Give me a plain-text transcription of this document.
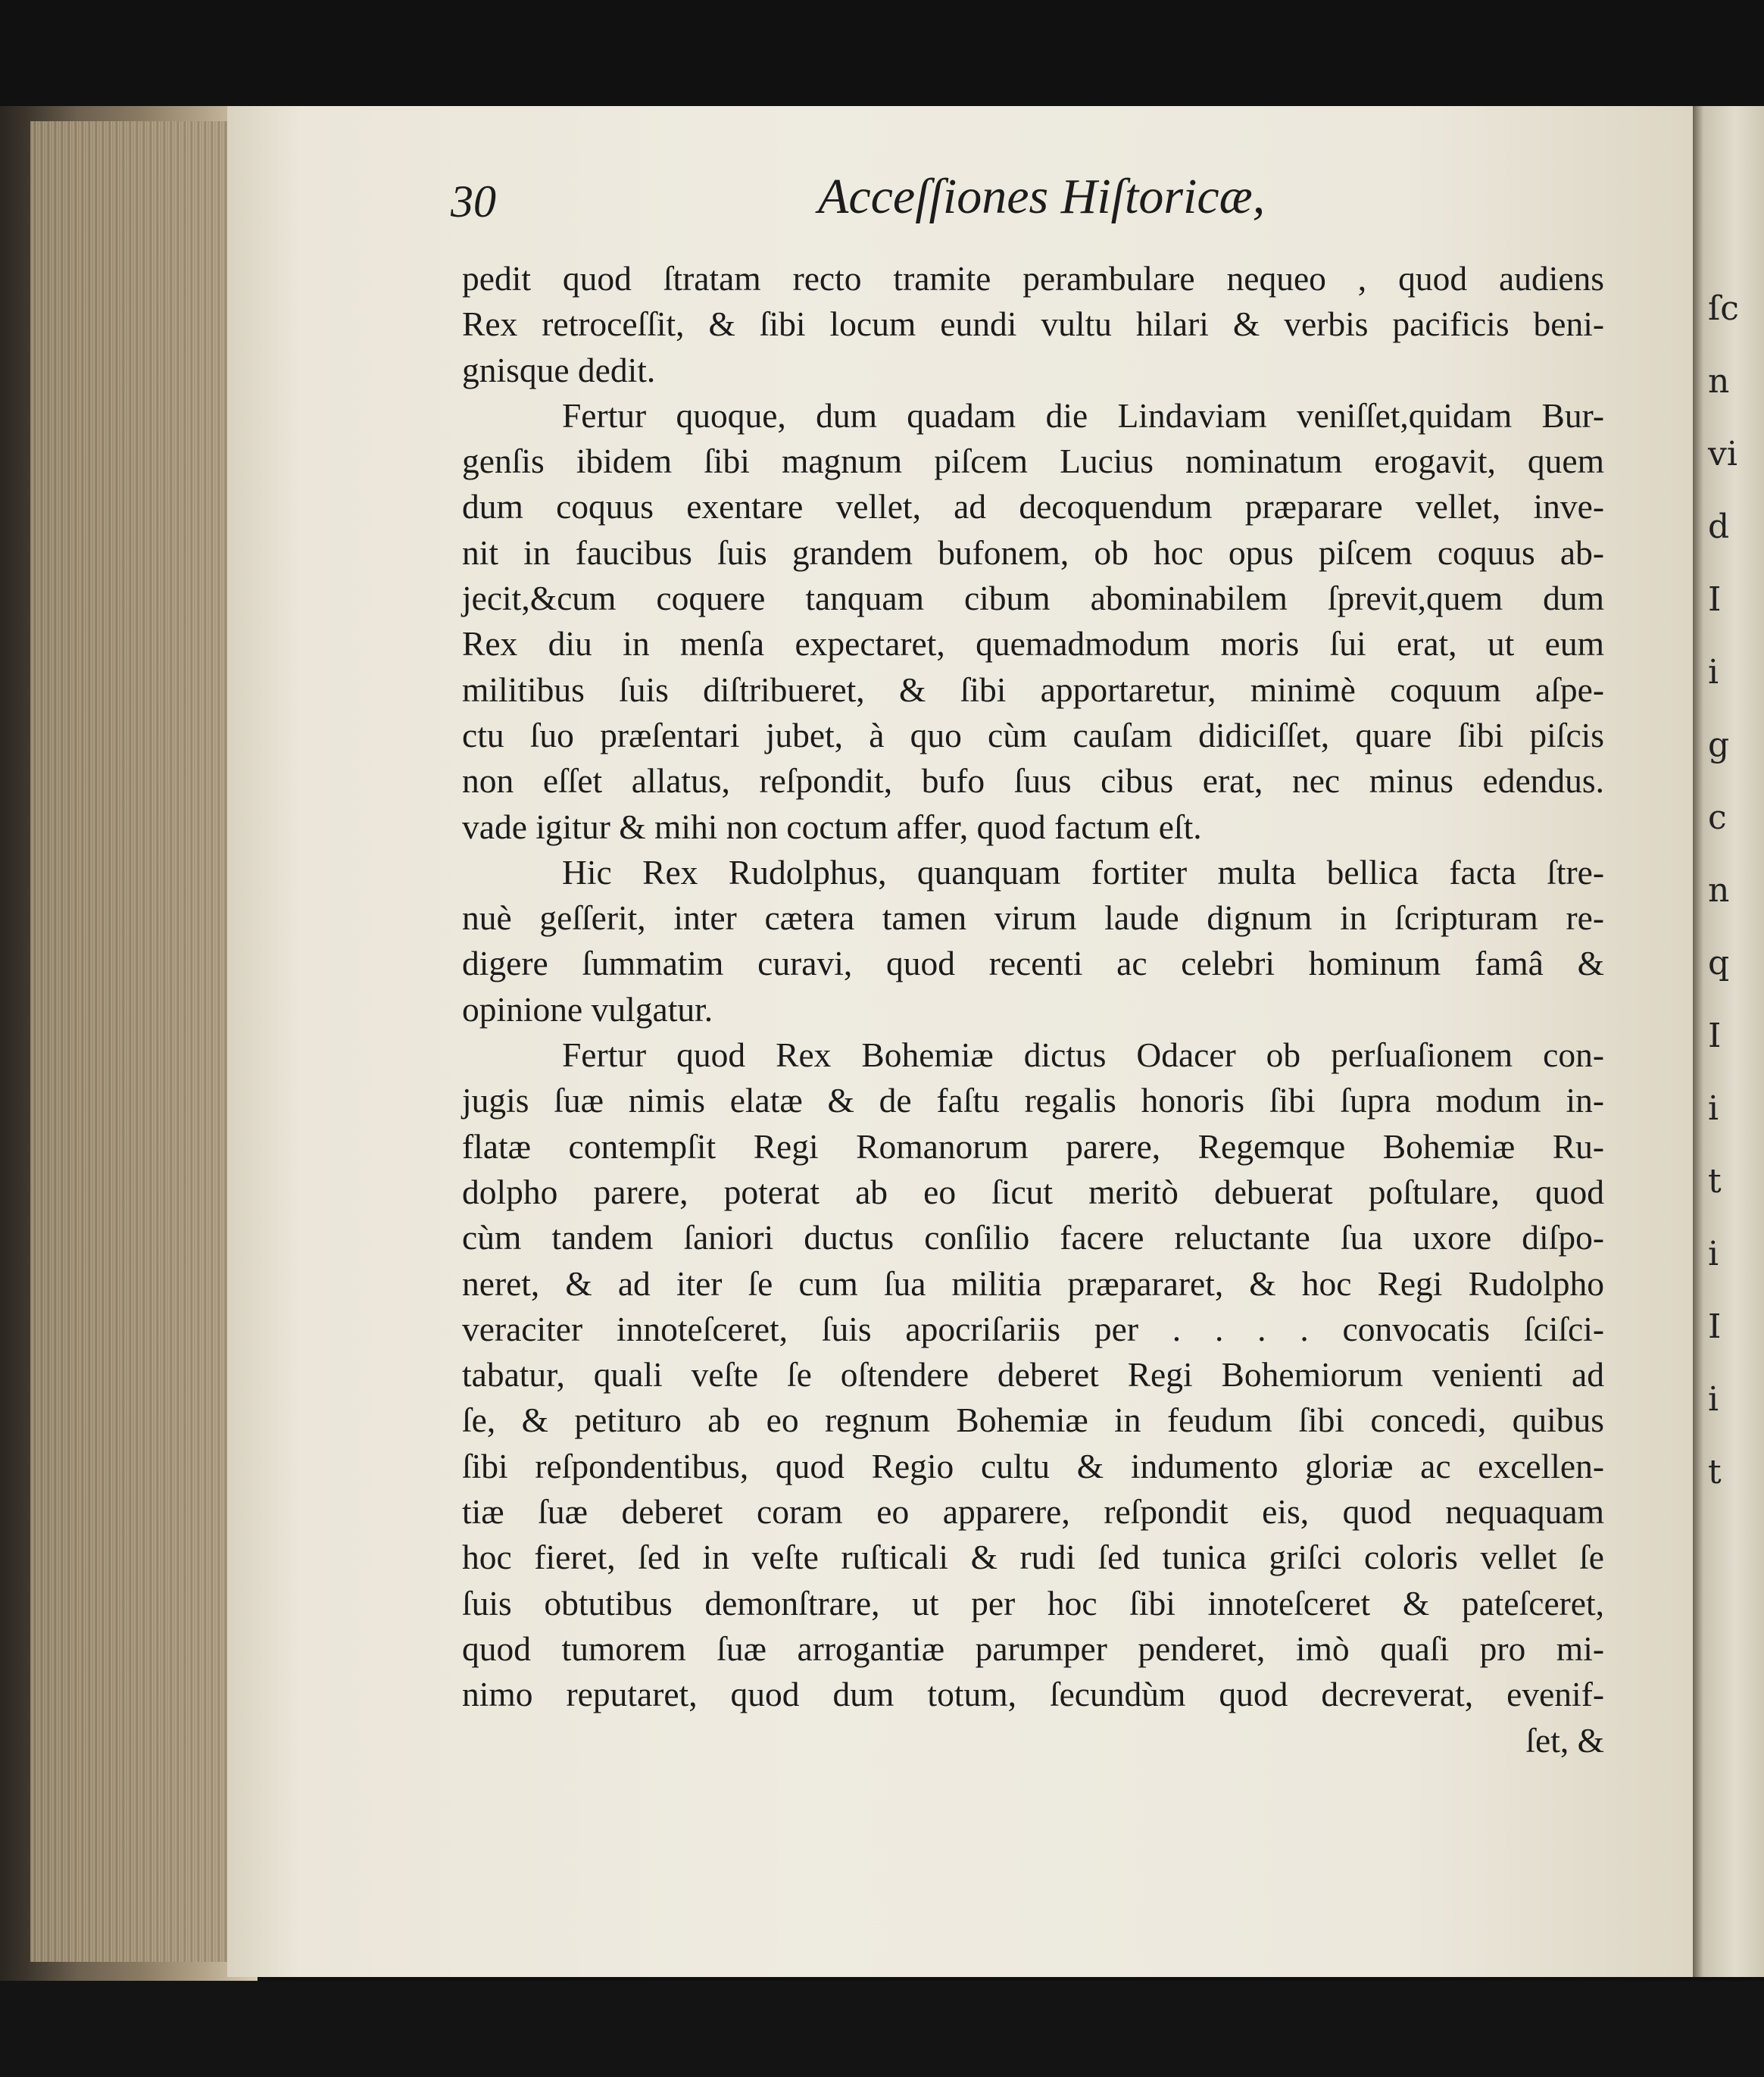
ſc
n
vi
d
I
i
g
c
n
q
I
i
t
i
I
i
t
30	Acceſſiones Hiſtoricæ,
pedit quod ſtratam recto tramite perambulare nequeo , quod audiens
Rex retroceſſit, & ſibi locum eundi vultu hilari & verbis pacificis beni-
gnisque dedit.
Fertur quoque, dum quadam die Lindaviam veniſſet,quidam Bur-
genſis ibidem ſibi magnum piſcem Lucius nominatum erogavit, quem
dum coquus exentare vellet, ad decoquendum præparare vellet, inve-
nit in faucibus ſuis grandem bufonem, ob hoc opus piſcem coquus ab-
jecit,&cum coquere tanquam cibum abominabilem ſprevit,quem dum
Rex diu in menſa expectaret, quemadmodum moris ſui erat, ut eum
militibus ſuis diſtribueret, & ſibi apportaretur, minimè coquum aſpe-
ctu ſuo præſentari jubet, à quo cùm cauſam didiciſſet, quare ſibi piſcis
non eſſet allatus, reſpondit, bufo ſuus cibus erat, nec minus edendus.
vade igitur & mihi non coctum affer, quod factum eſt.
Hic Rex Rudolphus, quanquam fortiter multa bellica facta ſtre-
nuè geſſerit, inter cætera tamen virum laude dignum in ſcripturam re-
digere ſummatim curavi, quod recenti ac celebri hominum famâ &
opinione vulgatur.
Fertur quod Rex Bohemiæ dictus Odacer ob perſuaſionem con-
jugis ſuæ nimis elatæ & de faſtu regalis honoris ſibi ſupra modum in-
flatæ contempſit Regi Romanorum parere, Regemque Bohemiæ Ru-
dolpho parere, poterat ab eo ſicut meritò debuerat poſtulare, quod
cùm tandem ſaniori ductus conſilio facere reluctante ſua uxore diſpo-
neret, & ad iter ſe cum ſua militia præpararet, & hoc Regi Rudolpho
veraciter innoteſceret, ſuis apocriſariis per . . . . convocatis ſciſci-
tabatur, quali veſte ſe oſtendere deberet Regi Bohemiorum venienti ad
ſe, & petituro ab eo regnum Bohemiæ in feudum ſibi concedi, quibus
ſibi reſpondentibus, quod Regio cultu & indumento gloriæ ac excellen-
tiæ ſuæ deberet coram eo apparere, reſpondit eis, quod nequaquam
hoc fieret, ſed in veſte ruſticali & rudi ſed tunica griſci coloris vellet ſe
ſuis obtutibus demonſtrare, ut per hoc ſibi innoteſceret & pateſceret,
quod tumorem ſuæ arrogantiæ parumper penderet, imò quaſi pro mi-
nimo reputaret, quod dum totum, ſecundùm quod decreverat, evenif-
ſet, &
